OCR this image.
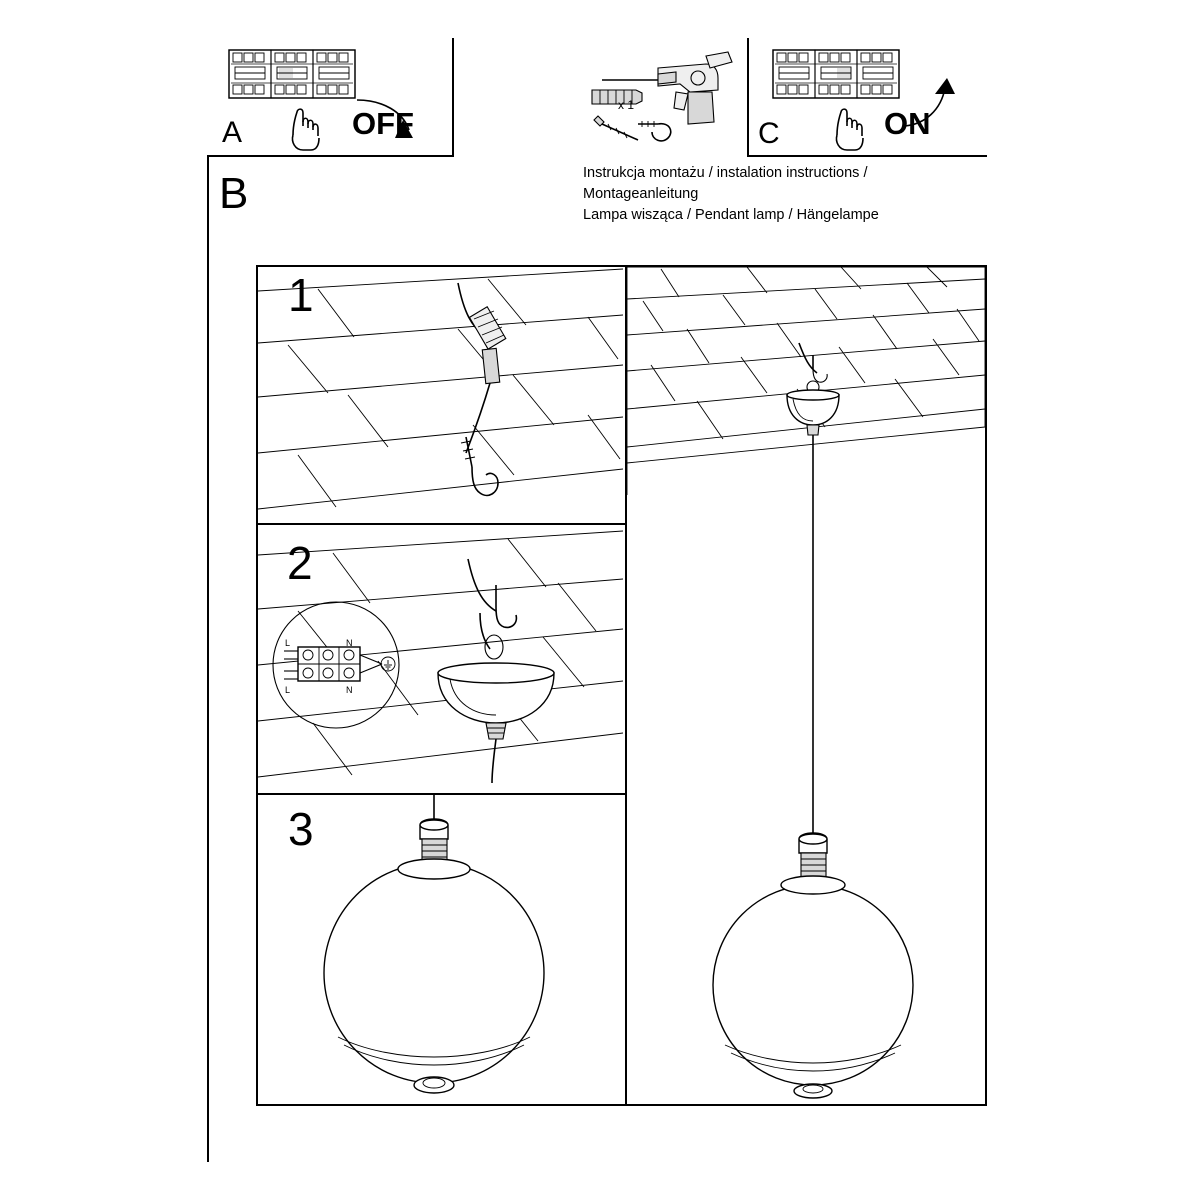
A	OFF
x 1
C	ON
Instrukcja montażu / instalation instructions / Montageanleitung
Lampa wisząca / Pendant lamp / Hängelampe
B
1
2
3
L	N
L	N
